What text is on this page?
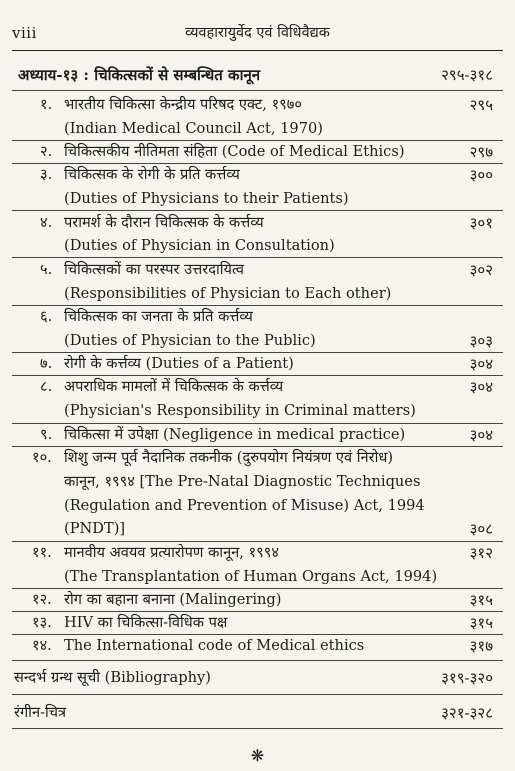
viii	व्यवहारायुर्वेद एवं विधिवैद्यक
अध्याय-१३ : चिकित्सकों से सम्बन्धित कानून	२९५-३१८
१. भारतीय चिकित्सा केन्द्रीय परिषद एक्ट, १९७०	२९५
(Indian Medical Council Act, 1970)
२. चिकित्सकीय नीतिमता संहिता (Code of Medical Ethics)	२९७
३. चिकित्सक के रोगी के प्रति कर्त्तव्य	३००
(Duties of Physicians to their Patients)
४. परामर्श के दौरान चिकित्सक के कर्त्तव्य	३०१
(Duties of Physician in Consultation)
५. चिकित्सकों का परस्पर उत्तरदायित्व	३०२
(Responsibilities of Physician to Each other)
६. चिकित्सक का जनता के प्रति कर्त्तव्य
(Duties of Physician to the Public)	३०३
७. रोगी के कर्त्तव्य (Duties of a Patient)	३०४
८. अपराधिक मामलों में चिकित्सक के कर्त्तव्य	३०४
(Physician's Responsibility in Criminal matters)
९. चिकित्सा में उपेक्षा (Negligence in medical practice)	३०४
१०. शिशु जन्म पूर्व नैदानिक तकनीक (दुरुपयोग नियंत्रण एवं निरोध)
कानून, १९९४ [The Pre-Natal Diagnostic Techniques
(Regulation and Prevention of Misuse) Act, 1994
(PNDT)]	३०८
११. मानवीय अवयव प्रत्यारोपण कानून, १९९४	३१२
(The Transplantation of Human Organs Act, 1994)
१२. रोग का बहाना बनाना (Malingering)	३१५
१३. HIV का चिकित्सा-विधिक पक्ष	३१५
१४. The International code of Medical ethics	३१७
सन्दर्भ ग्रन्थ सूची (Bibliography)	३१९-३२०
रंगीन-चित्र	३२१-३२८
❋
